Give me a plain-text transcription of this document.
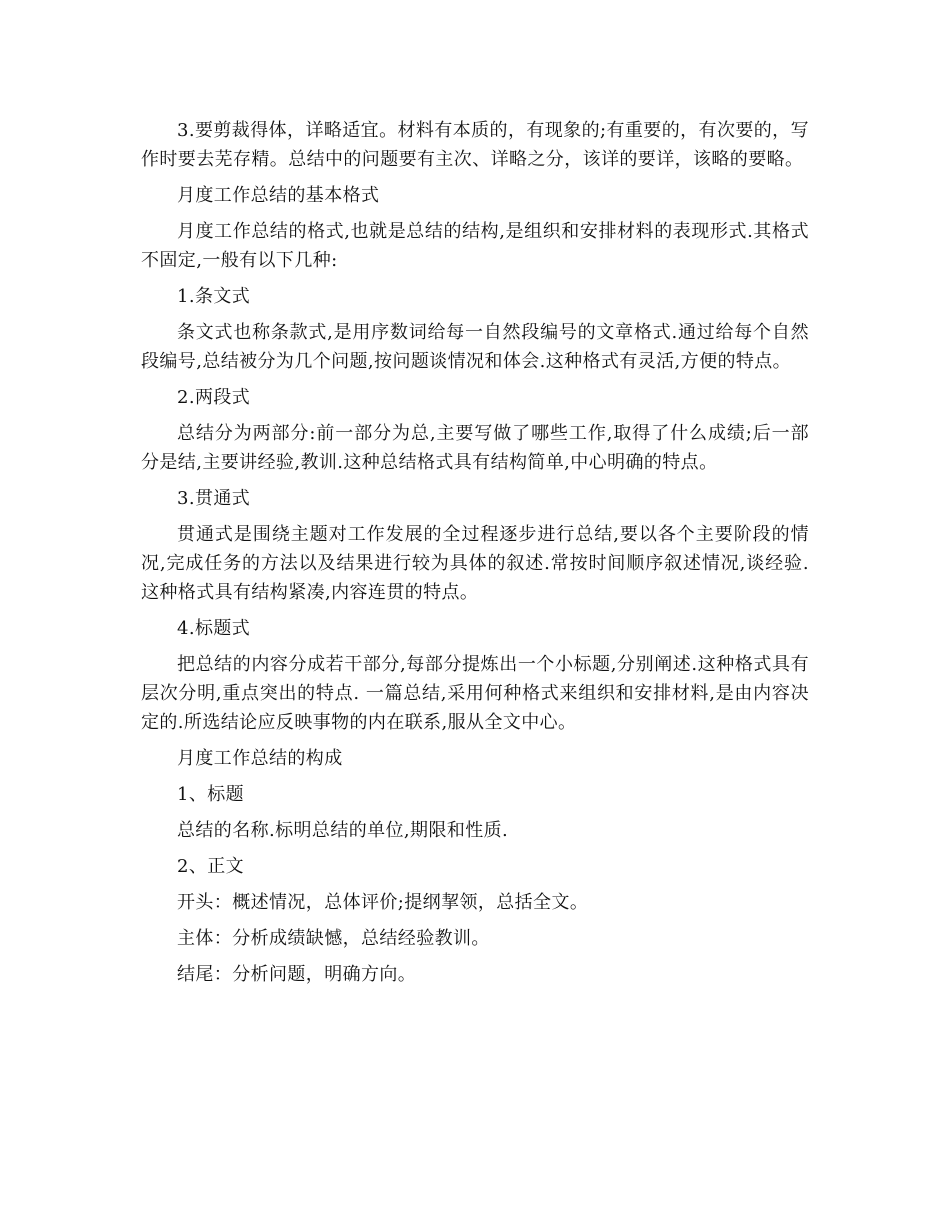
3.要剪裁得体，详略适宜。材料有本质的，有现象的;有重要的，有次要的，写作时要去芜存精。总结中的问题要有主次、详略之分，该详的要详，该略的要略。

月度工作总结的基本格式

月度工作总结的格式,也就是总结的结构,是组织和安排材料的表现形式.其格式不固定,一般有以下几种:

1.条文式

条文式也称条款式,是用序数词给每一自然段编号的文章格式.通过给每个自然段编号,总结被分为几个问题,按问题谈情况和体会.这种格式有灵活,方便的特点。

2.两段式

总结分为两部分:前一部分为总,主要写做了哪些工作,取得了什么成绩;后一部分是结,主要讲经验,教训.这种总结格式具有结构简单,中心明确的特点。

3.贯通式

贯通式是围绕主题对工作发展的全过程逐步进行总结,要以各个主要阶段的情况,完成任务的方法以及结果进行较为具体的叙述.常按时间顺序叙述情况,谈经验.这种格式具有结构紧凑,内容连贯的特点。

4.标题式

把总结的内容分成若干部分,每部分提炼出一个小标题,分别阐述.这种格式具有层次分明,重点突出的特点. 一篇总结,采用何种格式来组织和安排材料,是由内容决定的.所选结论应反映事物的内在联系,服从全文中心。

月度工作总结的构成

1、标题

总结的名称.标明总结的单位,期限和性质.

2、正文

开头：概述情况，总体评价;提纲挈领，总括全文。

主体：分析成绩缺憾，总结经验教训。

结尾：分析问题，明确方向。
